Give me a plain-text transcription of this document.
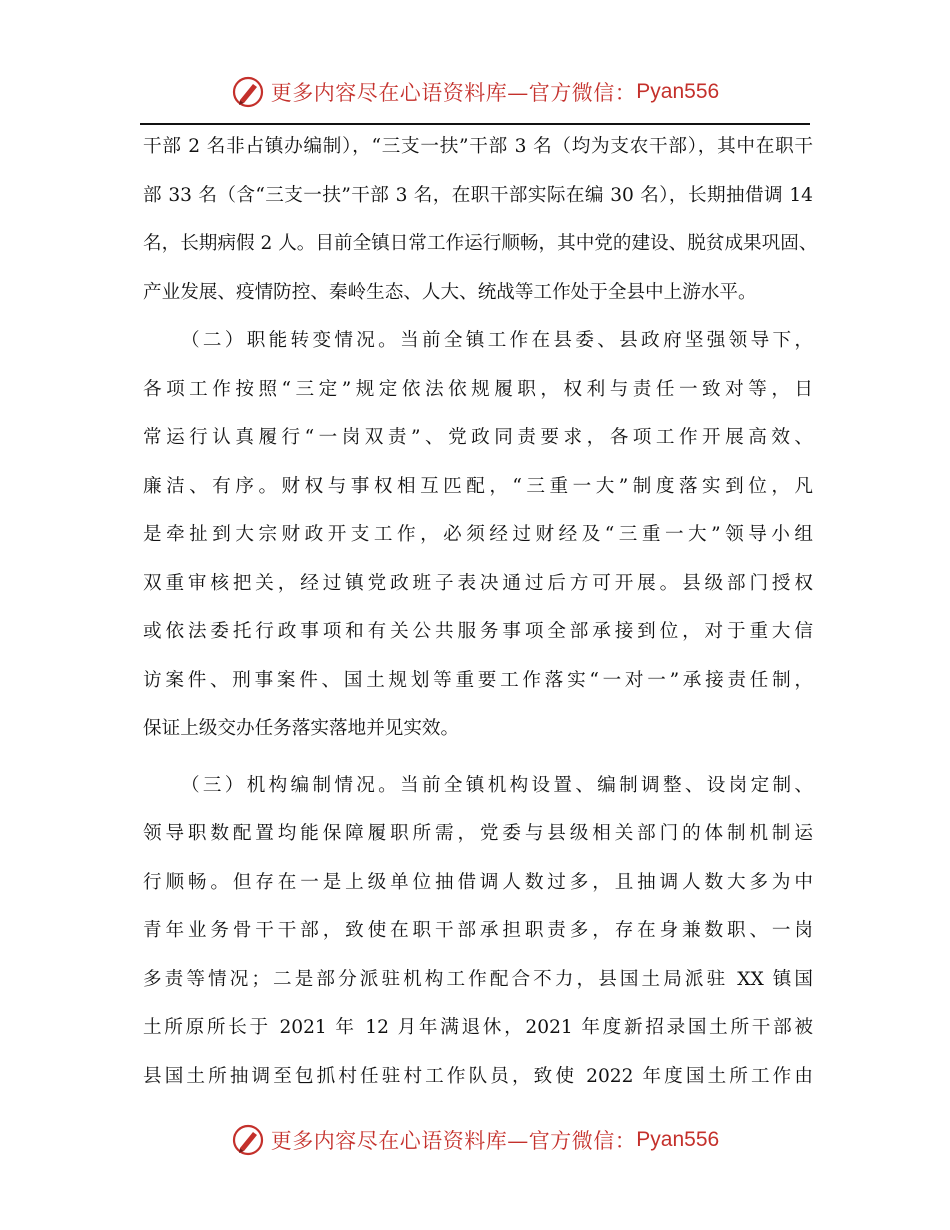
更多内容尽在心语资料库—官方微信： Pyan556

干部 2 名非占镇办编制），“三支一扶”干部 3 名（均为支农干部），其中在职干
部 33 名（含“三支一扶”干部 3 名，在职干部实际在编 30 名），长期抽借调 14
名，长期病假 2 人。目前全镇日常工作运行顺畅，其中党的建设、脱贫成果巩固、
产业发展、疫情防控、秦岭生态、人大、统战等工作处于全县中上游水平。

（二）职能转变情况。当前全镇工作在县委、县政府坚强领导下，
各项工作按照“三定”规定依法依规履职，权利与责任一致对等，日
常运行认真履行“一岗双责”、党政同责要求，各项工作开展高效、
廉洁、有序。财权与事权相互匹配，“三重一大”制度落实到位，凡
是牵扯到大宗财政开支工作，必须经过财经及“三重一大”领导小组
双重审核把关，经过镇党政班子表决通过后方可开展。县级部门授权
或依法委托行政事项和有关公共服务事项全部承接到位，对于重大信
访案件、刑事案件、国土规划等重要工作落实“一对一”承接责任制，
保证上级交办任务落实落地并见实效。

（三）机构编制情况。当前全镇机构设置、编制调整、设岗定制、
领导职数配置均能保障履职所需，党委与县级相关部门的体制机制运
行顺畅。但存在一是上级单位抽借调人数过多，且抽调人数大多为中
青年业务骨干干部，致使在职干部承担职责多，存在身兼数职、一岗
多责等情况；二是部分派驻机构工作配合不力，县国土局派驻 XX 镇国
土所原所长于 2021 年 12 月年满退休，2021 年度新招录国土所干部被
县国土所抽调至包抓村任驻村工作队员，致使 2022 年度国土所工作由

更多内容尽在心语资料库—官方微信： Pyan556
